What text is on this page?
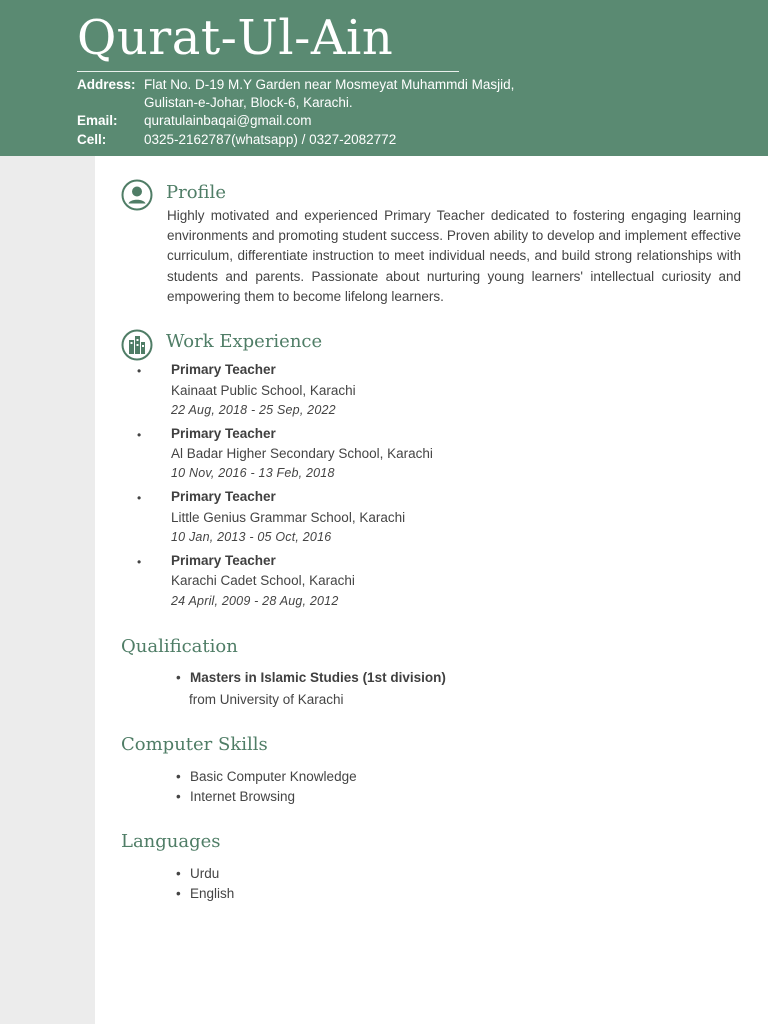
Qurat-Ul-Ain
Address: Flat No. D-19 M.Y Garden near Mosmeyat Muhammdi Masjid,
Gulistan-e-Johar, Block-6, Karachi.
Email: quratulainbaqai@gmail.com
Cell:	0325-2162787(whatsapp) / 0327-2082772
Profile
Highly motivated and experienced Primary Teacher dedicated to fostering engaging learning environments and promoting student success. Proven ability to develop and implement effective curriculum, differentiate instruction to meet individual needs, and build strong relationships with students and parents. Passionate about nurturing young learners' intellectual curiosity and empowering them to become lifelong learners.
Work Experience
• Primary Teacher
Kainaat Public School, Karachi
22 Aug, 2018 - 25 Sep, 2022
• Primary Teacher
Al Badar Higher Secondary School, Karachi
10 Nov, 2016 - 13 Feb, 2018
• Primary Teacher
Little Genius Grammar School, Karachi
10 Jan, 2013 - 05 Oct, 2016
• Primary Teacher
Karachi Cadet School, Karachi
24 April, 2009 - 28 Aug, 2012
Qualification
• Masters in Islamic Studies (1st division)
from University of Karachi
Computer Skills
• Basic Computer Knowledge
• Internet Browsing
Languages
• Urdu
• English
